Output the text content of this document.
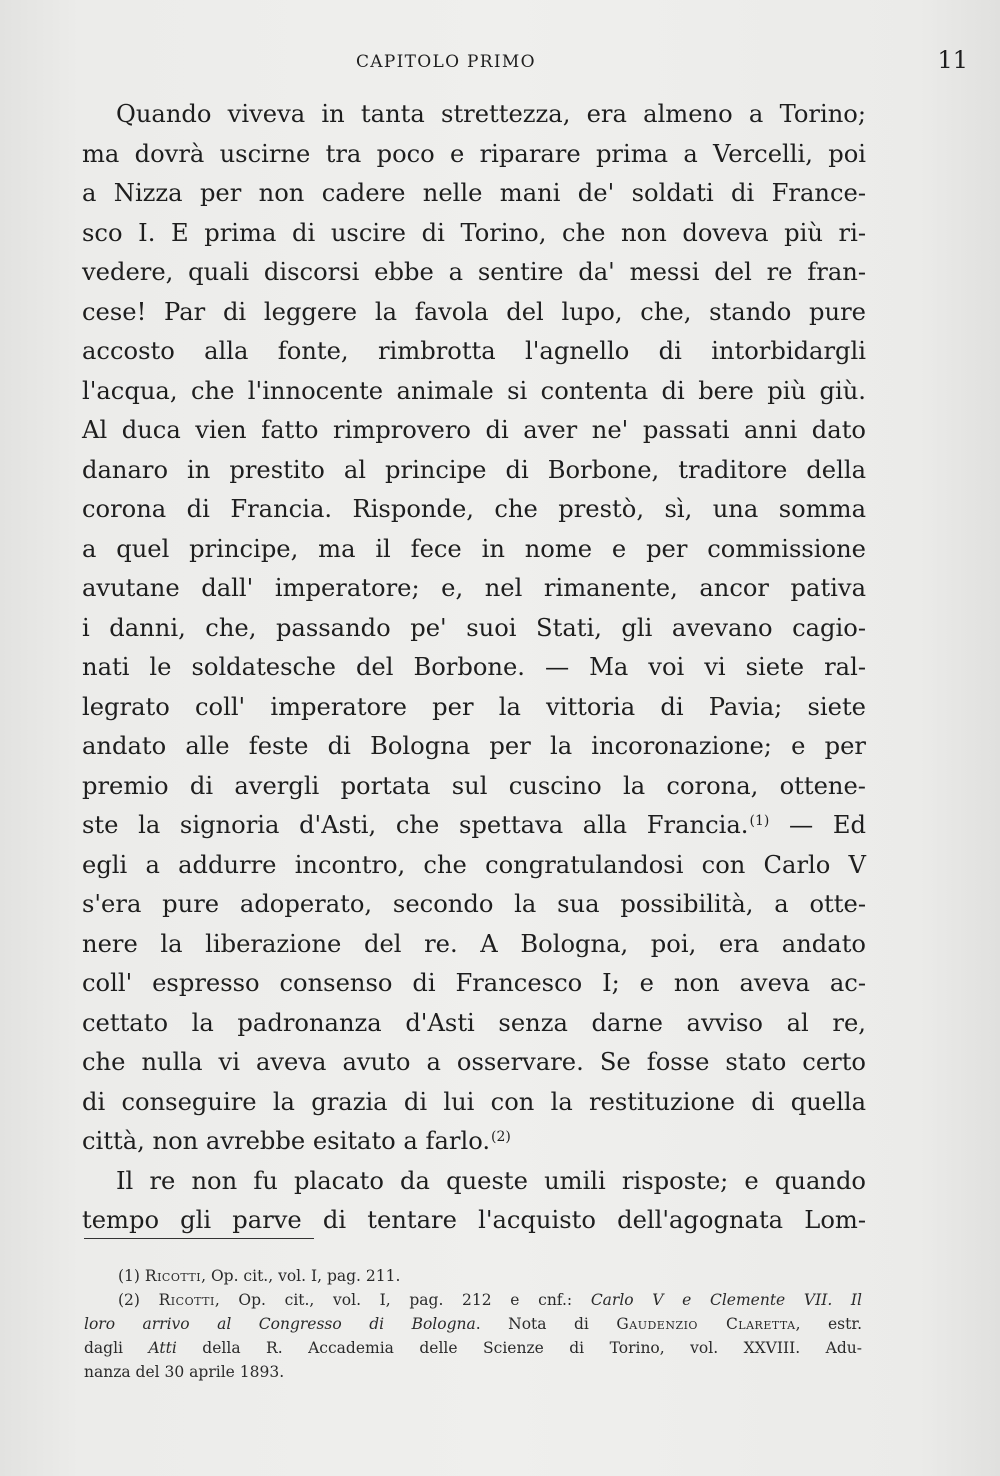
CAPITOLO PRIMO	11
Quando viveva in tanta strettezza, era almeno a Torino;
ma dovrà uscirne tra poco e riparare prima a Vercelli, poi
a Nizza per non cadere nelle mani de' soldati di France-
sco I. E prima di uscire di Torino, che non doveva più ri-
vedere, quali discorsi ebbe a sentire da' messi del re fran-
cese! Par di leggere la favola del lupo, che, stando pure
accosto alla fonte, rimbrotta l'agnello di intorbidargli
l'acqua, che l'innocente animale si contenta di bere più giù.
Al duca vien fatto rimprovero di aver ne' passati anni dato
danaro in prestito al principe di Borbone, traditore della
corona di Francia. Risponde, che prestò, sì, una somma
a quel principe, ma il fece in nome e per commissione
avutane dall' imperatore; e, nel rimanente, ancor pativa
i danni, che, passando pe' suoi Stati, gli avevano cagio-
nati le soldatesche del Borbone. — Ma voi vi siete ral-
legrato coll' imperatore per la vittoria di Pavia; siete
andato alle feste di Bologna per la incoronazione; e per
premio di avergli portata sul cuscino la corona, ottene-
ste la signoria d'Asti, che spettava alla Francia.$^{(1)}$ — Ed
egli a addurre incontro, che congratulandosi con Carlo V
s'era pure adoperato, secondo la sua possibilità, a otte-
nere la liberazione del re. A Bologna, poi, era andato
coll' espresso consenso di Francesco I; e non aveva ac-
cettato la padronanza d'Asti senza darne avviso al re,
che nulla vi aveva avuto a osservare. Se fosse stato certo
di conseguire la grazia di lui con la restituzione di quella
città, non avrebbe esitato a farlo.$^{(2)}$
Il re non fu placato da queste umili risposte; e quando
tempo gli parve di tentare l'acquisto dell'agognata Lom-
(1) Ricotti, Op. cit., vol. I, pag. 211.
(2) Ricotti, Op. cit., vol. I, pag. 212 e cnf.: Carlo V e Clemente VII. Il
loro arrivo al Congresso di Bologna. Nota di Gaudenzio Claretta, estr.
dagli Atti della R. Accademia delle Scienze di Torino, vol. XXVIII. Adu-
nanza del 30 aprile 1893.
